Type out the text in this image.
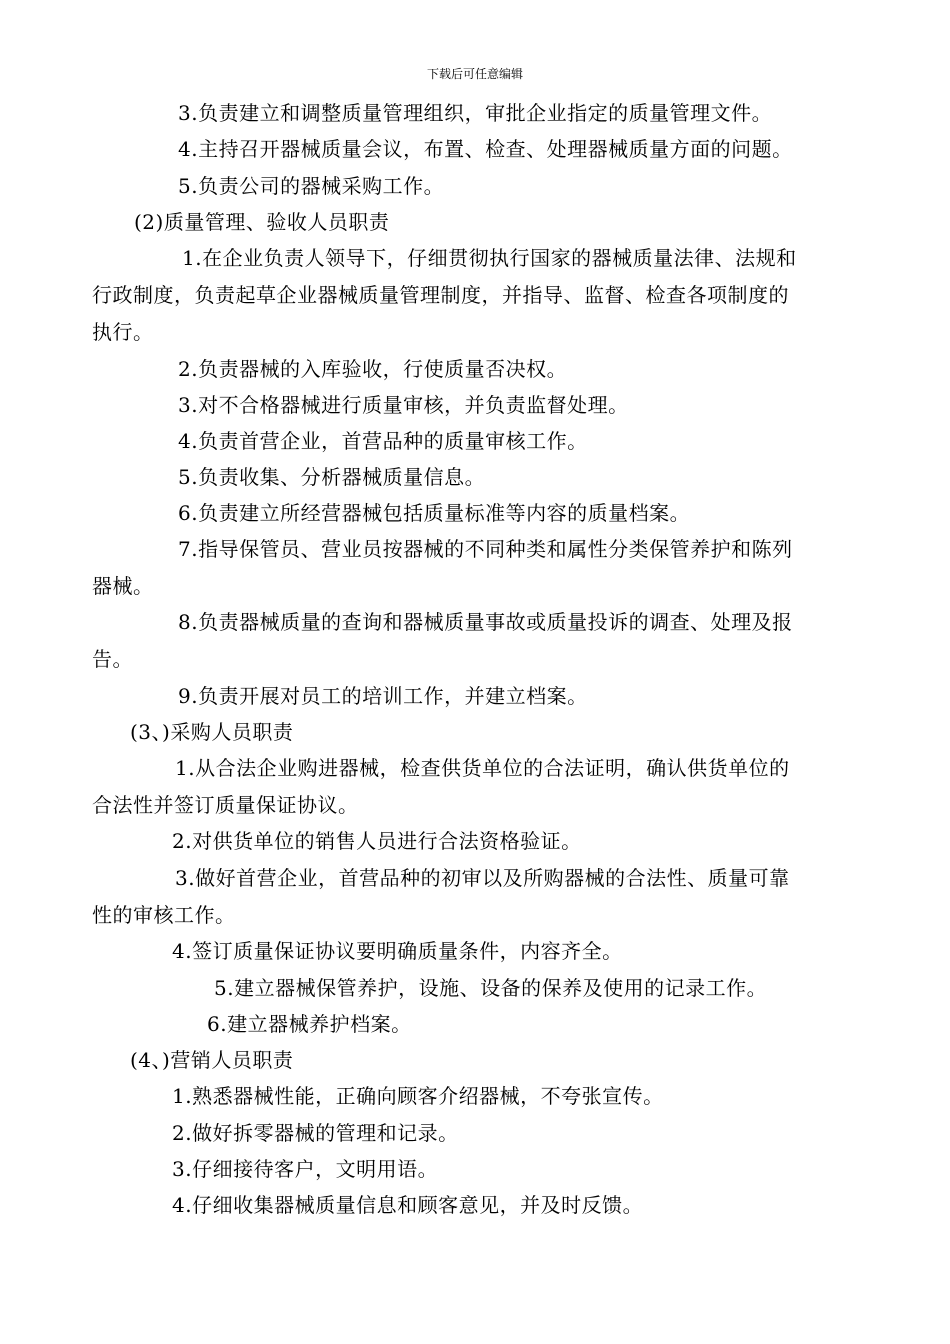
下载后可任意编辑
3.负责建立和调整质量管理组织，审批企业指定的质量管理文件。
4.主持召开器械质量会议，布置、检查、处理器械质量方面的问题。
5.负责公司的器械采购工作。
(2)质量管理、验收人员职责
1.在企业负责人领导下，仔细贯彻执行国家的器械质量法律、法规和
行政制度，负责起草企业器械质量管理制度，并指导、监督、检查各项制度的
执行。
2.负责器械的入库验收，行使质量否决权。
3.对不合格器械进行质量审核，并负责监督处理。
4.负责首营企业，首营品种的质量审核工作。
5.负责收集、分析器械质量信息。
6.负责建立所经营器械包括质量标准等内容的质量档案。
7.指导保管员、营业员按器械的不同种类和属性分类保管养护和陈列
器械。
8.负责器械质量的查询和器械质量事故或质量投诉的调查、处理及报
告。
9.负责开展对员工的培训工作，并建立档案。
(3、)采购人员职责
1.从合法企业购进器械，检查供货单位的合法证明，确认供货单位的
合法性并签订质量保证协议。
2.对供货单位的销售人员进行合法资格验证。
3.做好首营企业，首营品种的初审以及所购器械的合法性、质量可靠
性的审核工作。
4.签订质量保证协议要明确质量条件，内容齐全。
5.建立器械保管养护，设施、设备的保养及使用的记录工作。
6.建立器械养护档案。
(4、)营销人员职责
1.熟悉器械性能，正确向顾客介绍器械，不夸张宣传。
2.做好拆零器械的管理和记录。
3.仔细接待客户，文明用语。
4.仔细收集器械质量信息和顾客意见，并及时反馈。
